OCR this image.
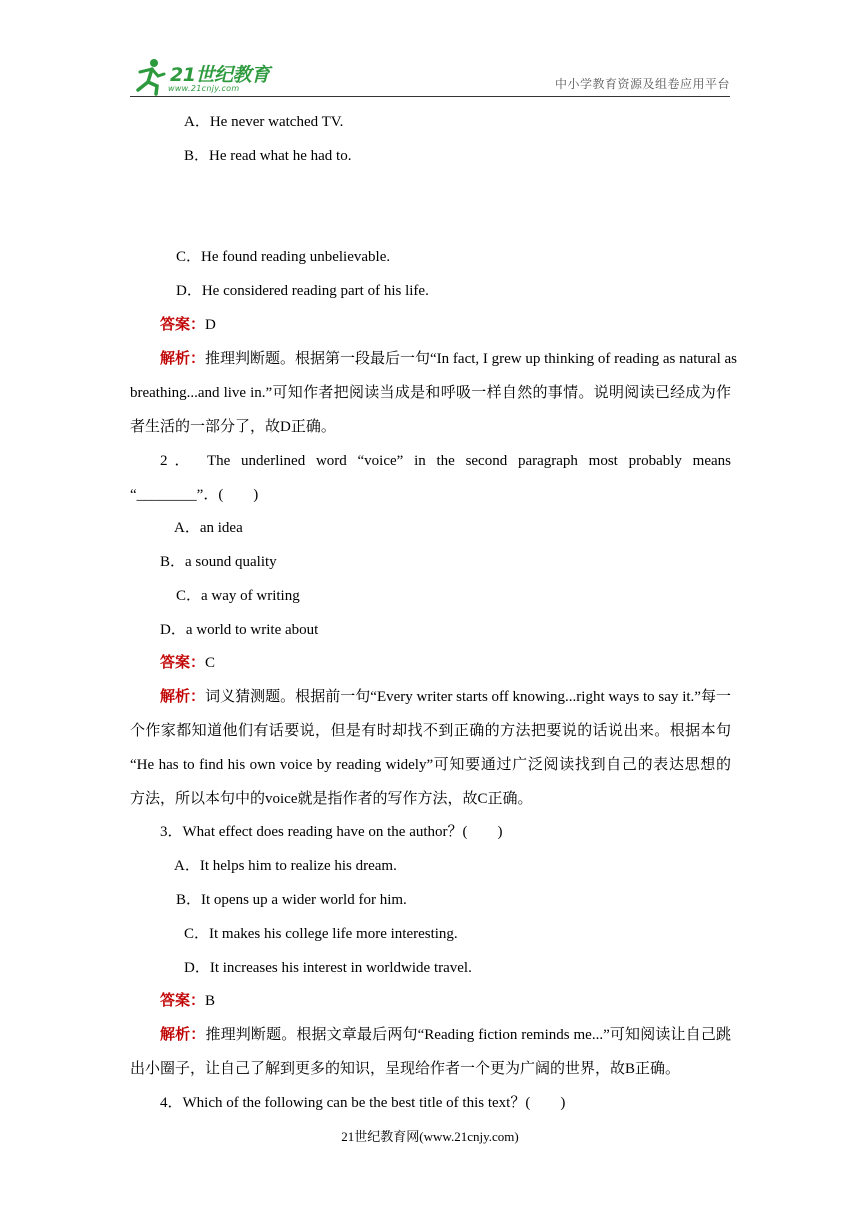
21世纪教育
www.21cnjy.com	中小学教育资源及组卷应用平台
A．He never watched TV.
B．He read what he had to.
C．He found reading unbelievable.
D．He considered reading part of his life.
答案：D
解析：推理判断题。根据第一段最后一句“In fact, I grew up thinking of reading as natural as
breathing...and live in.”可知作者把阅读当成是和呼吸一样自然的事情。说明阅读已经成为作
者生活的一部分了，故D正确。
2． The underlined word “voice” in the second paragraph most probably means
“________”．(　　)
A．an idea
B．a sound quality
C．a way of writing
D．a world to write about
答案：C
解析：词义猜测题。根据前一句“Every writer starts off knowing...right ways to say it.”每一
个作家都知道他们有话要说，但是有时却找不到正确的方法把要说的话说出来。根据本句
“He has to find his own voice by reading widely”可知要通过广泛阅读找到自己的表达思想的
方法，所以本句中的voice就是指作者的写作方法，故C正确。
3．What effect does reading have on the author？(　　)
A．It helps him to realize his dream.
B．It opens up a wider world for him.
C．It makes his college life more interesting.
D．It increases his interest in worldwide travel.
答案：B
解析：推理判断题。根据文章最后两句“Reading fiction reminds me...”可知阅读让自己跳
出小圈子，让自己了解到更多的知识，呈现给作者一个更为广阔的世界，故B正确。
4．Which of the following can be the best title of this text？(　　)
21世纪教育网(www.21cnjy.com)
